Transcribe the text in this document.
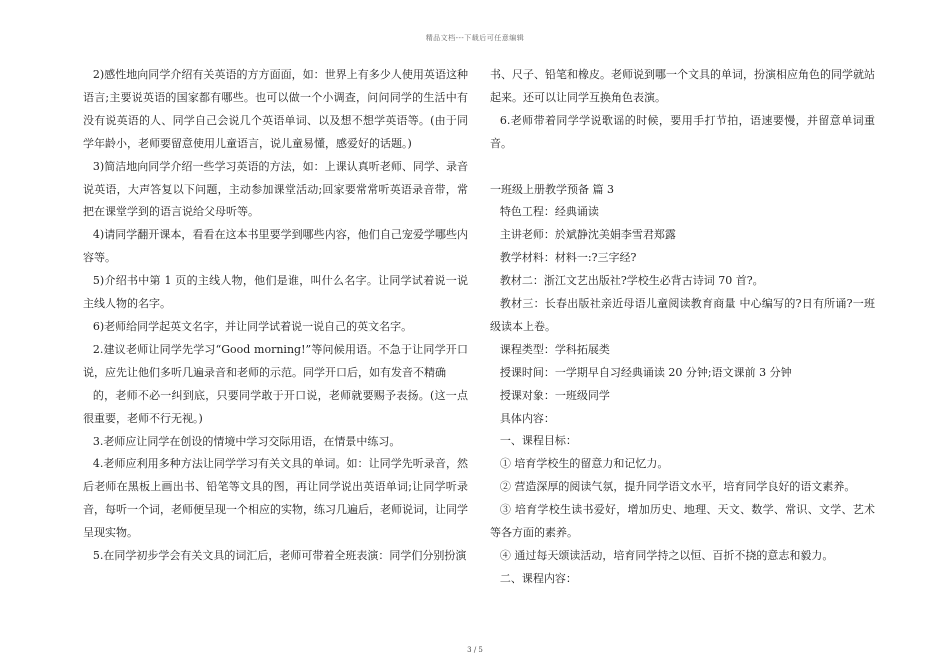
精品文档---下载后可任意编辑

2)感性地向同学介绍有关英语的方方面面，如：世界上有多少人使用英语这种语言;主要说英语的国家都有哪些。也可以做一个小调查，问问同学的生活中有没有说英语的人、同学自己会说几个英语单词、以及想不想学英语等。(由于同学年龄小，老师要留意使用儿童语言，说儿童易懂，感爱好的话题。)

3)简洁地向同学介绍一些学习英语的方法，如：上课认真听老师、同学、录音说英语，大声答复以下问题，主动参加课堂活动;回家要常常听英语录音带，常把在课堂学到的语言说给父母听等。

4)请同学翻开课本，看看在这本书里要学到哪些内容，他们自己宠爱学哪些内容等。

5)介绍书中第 1 页的主线人物，他们是谁，叫什么名字。让同学试着说一说主线人物的名字。

6)老师给同学起英文名字，并让同学试着说一说自己的英文名字。

2.建议老师让同学先学习“Good morning!”等问候用语。不急于让同学开口说，应先让他们多听几遍录音和老师的示范。同学开口后，如有发音不精确

的，老师不必一纠到底，只要同学敢于开口说，老师就要赐予表扬。(这一点很重要，老师不行无视。)

3.老师应让同学在创设的情境中学习交际用语，在情景中练习。

4.老师应利用多种方法让同学学习有关文具的单词。如：让同学先听录音，然后老师在黑板上画出书、铅笔等文具的图，再让同学说出英语单词;让同学听录音，每听一个词，老师便呈现一个相应的实物，练习几遍后，老师说词，让同学呈现实物。

5.在同学初步学会有关文具的词汇后，老师可带着全班表演：同学们分别扮演

书、尺子、铅笔和橡皮。老师说到哪一个文具的单词，扮演相应角色的同学就站起来。还可以让同学互换角色表演。

6.老师带着同学学说歌谣的时候，要用手打节拍，语速要慢，并留意单词重音。

一班级上册教学预备 篇 3

特色工程：经典诵读

主讲老师：於斌静沈美娟李雪君郑露

教学材料：材料一:?三字经?

教材二：浙江文艺出版社?学校生必背古诗词 70 首?。

教材三：长春出版社亲近母语儿童阅读教育商量 中心编写的?日有所诵?一班级读本上卷。

课程类型：学科拓展类

授课时间：一学期早自习经典诵读 20 分钟;语文课前 3 分钟

授课对象：一班级同学

具体内容：

一、课程目标：

① 培育学校生的留意力和记忆力。

② 营造深厚的阅读气氛，提升同学语文水平，培育同学良好的语文素养。

③ 培育学校生读书爱好，增加历史、地理、天文、数学、常识、文学、艺术等各方面的素养。

④ 通过每天颂读活动，培育同学持之以恒、百折不挠的意志和毅力。

二、课程内容：

3 / 5
